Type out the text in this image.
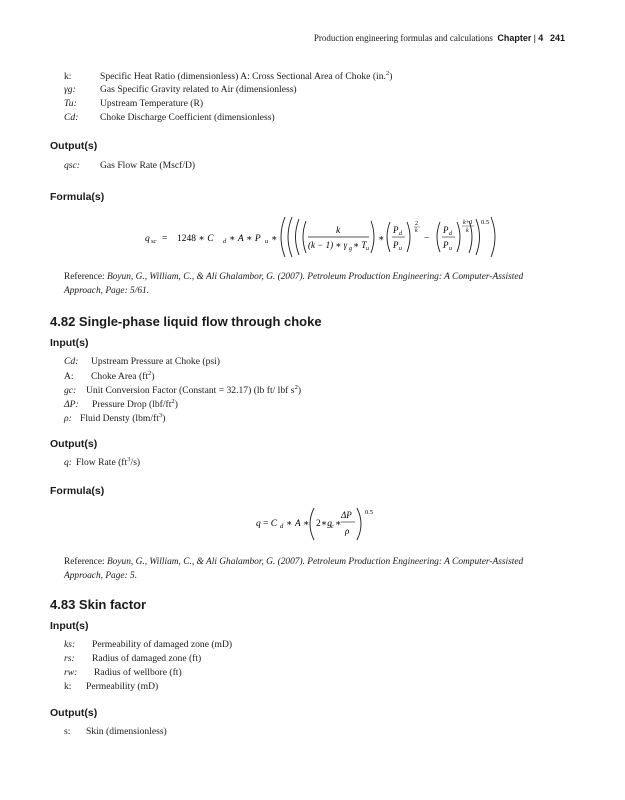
Production engineering formulas and calculations Chapter | 4 241
k:	Specific Heat Ratio (dimensionless) A: Cross Sectional Area of Choke (in.$^2$)
γg:	Gas Specific Gravity related to Air (dimensionless)
Tu: Upstream Temperature (R)
Cd: Choke Discharge Coefficient (dimensionless)
Output(s)
qsc: Gas Flow Rate (Mscf/D)
Formula(s)
q sc = 1248 ∗ C d ∗ A ∗ P u ∗
k
(k − 1) ∗ γ g ∗ T u
∗
P d
P u
2
k
−
P d
P u
k+1
k
0.5
Reference: Boyun, G., William, C., & Ali Ghalambor, G. (2007). Petroleum Production Engineering: A Computer-Assisted Approach, Page: 5/61.
4.82 Single-phase liquid flow through choke
Input(s)
Cd: Upstream Pressure at Choke (psi)
A: Choke Area $(ft^2)$
gc: Unit Conversion Factor (Constant = 32.17) (lb ft/ lbf $s^2$)
ΔP: Pressure Drop $(lbf/ft^2)$
ρ: Fluid Densty $(lbm/ft^3)$
Output(s)
q: Flow Rate $(ft^3/s)$
Formula(s)
q = C d ∗ A ∗ 2∗g c ∗
ΔP
ρ
0.5
Reference: Boyun, G., William, C., & Ali Ghalambor, G. (2007). Petroleum Production Engineering: A Computer-Assisted Approach, Page: 5.
4.83 Skin factor
Input(s)
ks: Permeability of damaged zone (mD)
rs: Radius of damaged zone (ft)
rw: Radius of wellbore (ft)
k: Permeability (mD)
Output(s)
s: Skin (dimensionless)
